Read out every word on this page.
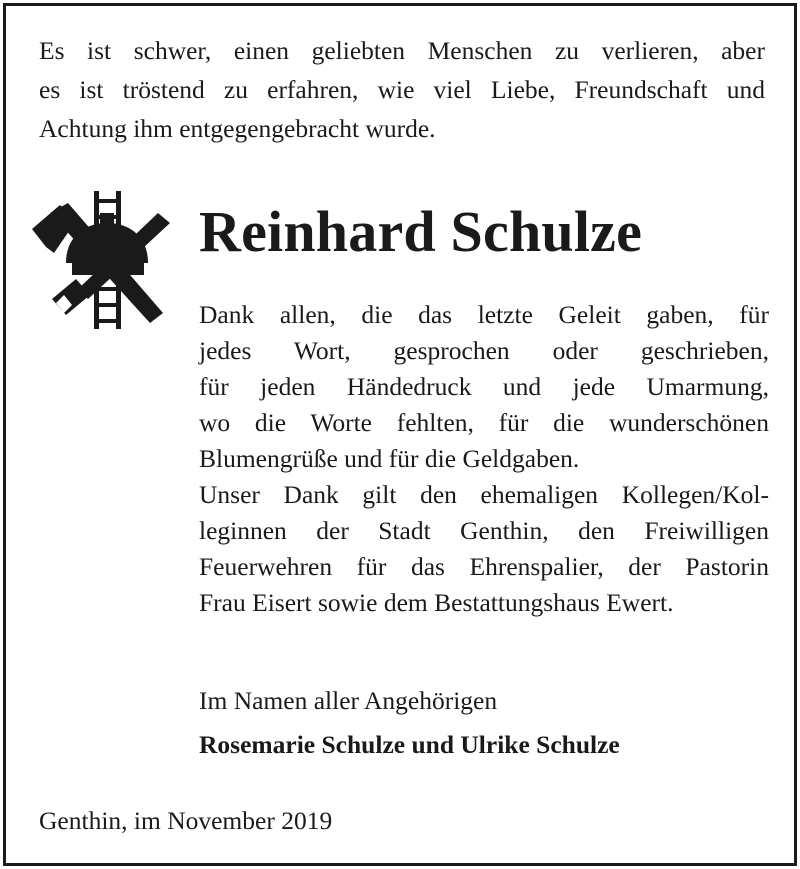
Es ist schwer, einen geliebten Menschen zu verlieren, aber
es ist tröstend zu erfahren, wie viel Liebe, Freundschaft und
Achtung ihm entgegengebracht wurde.
Reinhard Schulze
Dank allen, die das letzte Geleit gaben, für
jedes Wort, gesprochen oder geschrieben,
für jeden Händedruck und jede Umarmung,
wo die Worte fehlten, für die wunderschönen
Blumengrüße und für die Geldgaben.
Unser Dank gilt den ehemaligen Kollegen/Kol-
leginnen der Stadt Genthin, den Freiwilligen
Feuerwehren für das Ehrenspalier, der Pastorin
Frau Eisert sowie dem Bestattungshaus Ewert.
Im Namen aller Angehörigen
Rosemarie Schulze und Ulrike Schulze
Genthin, im November 2019
